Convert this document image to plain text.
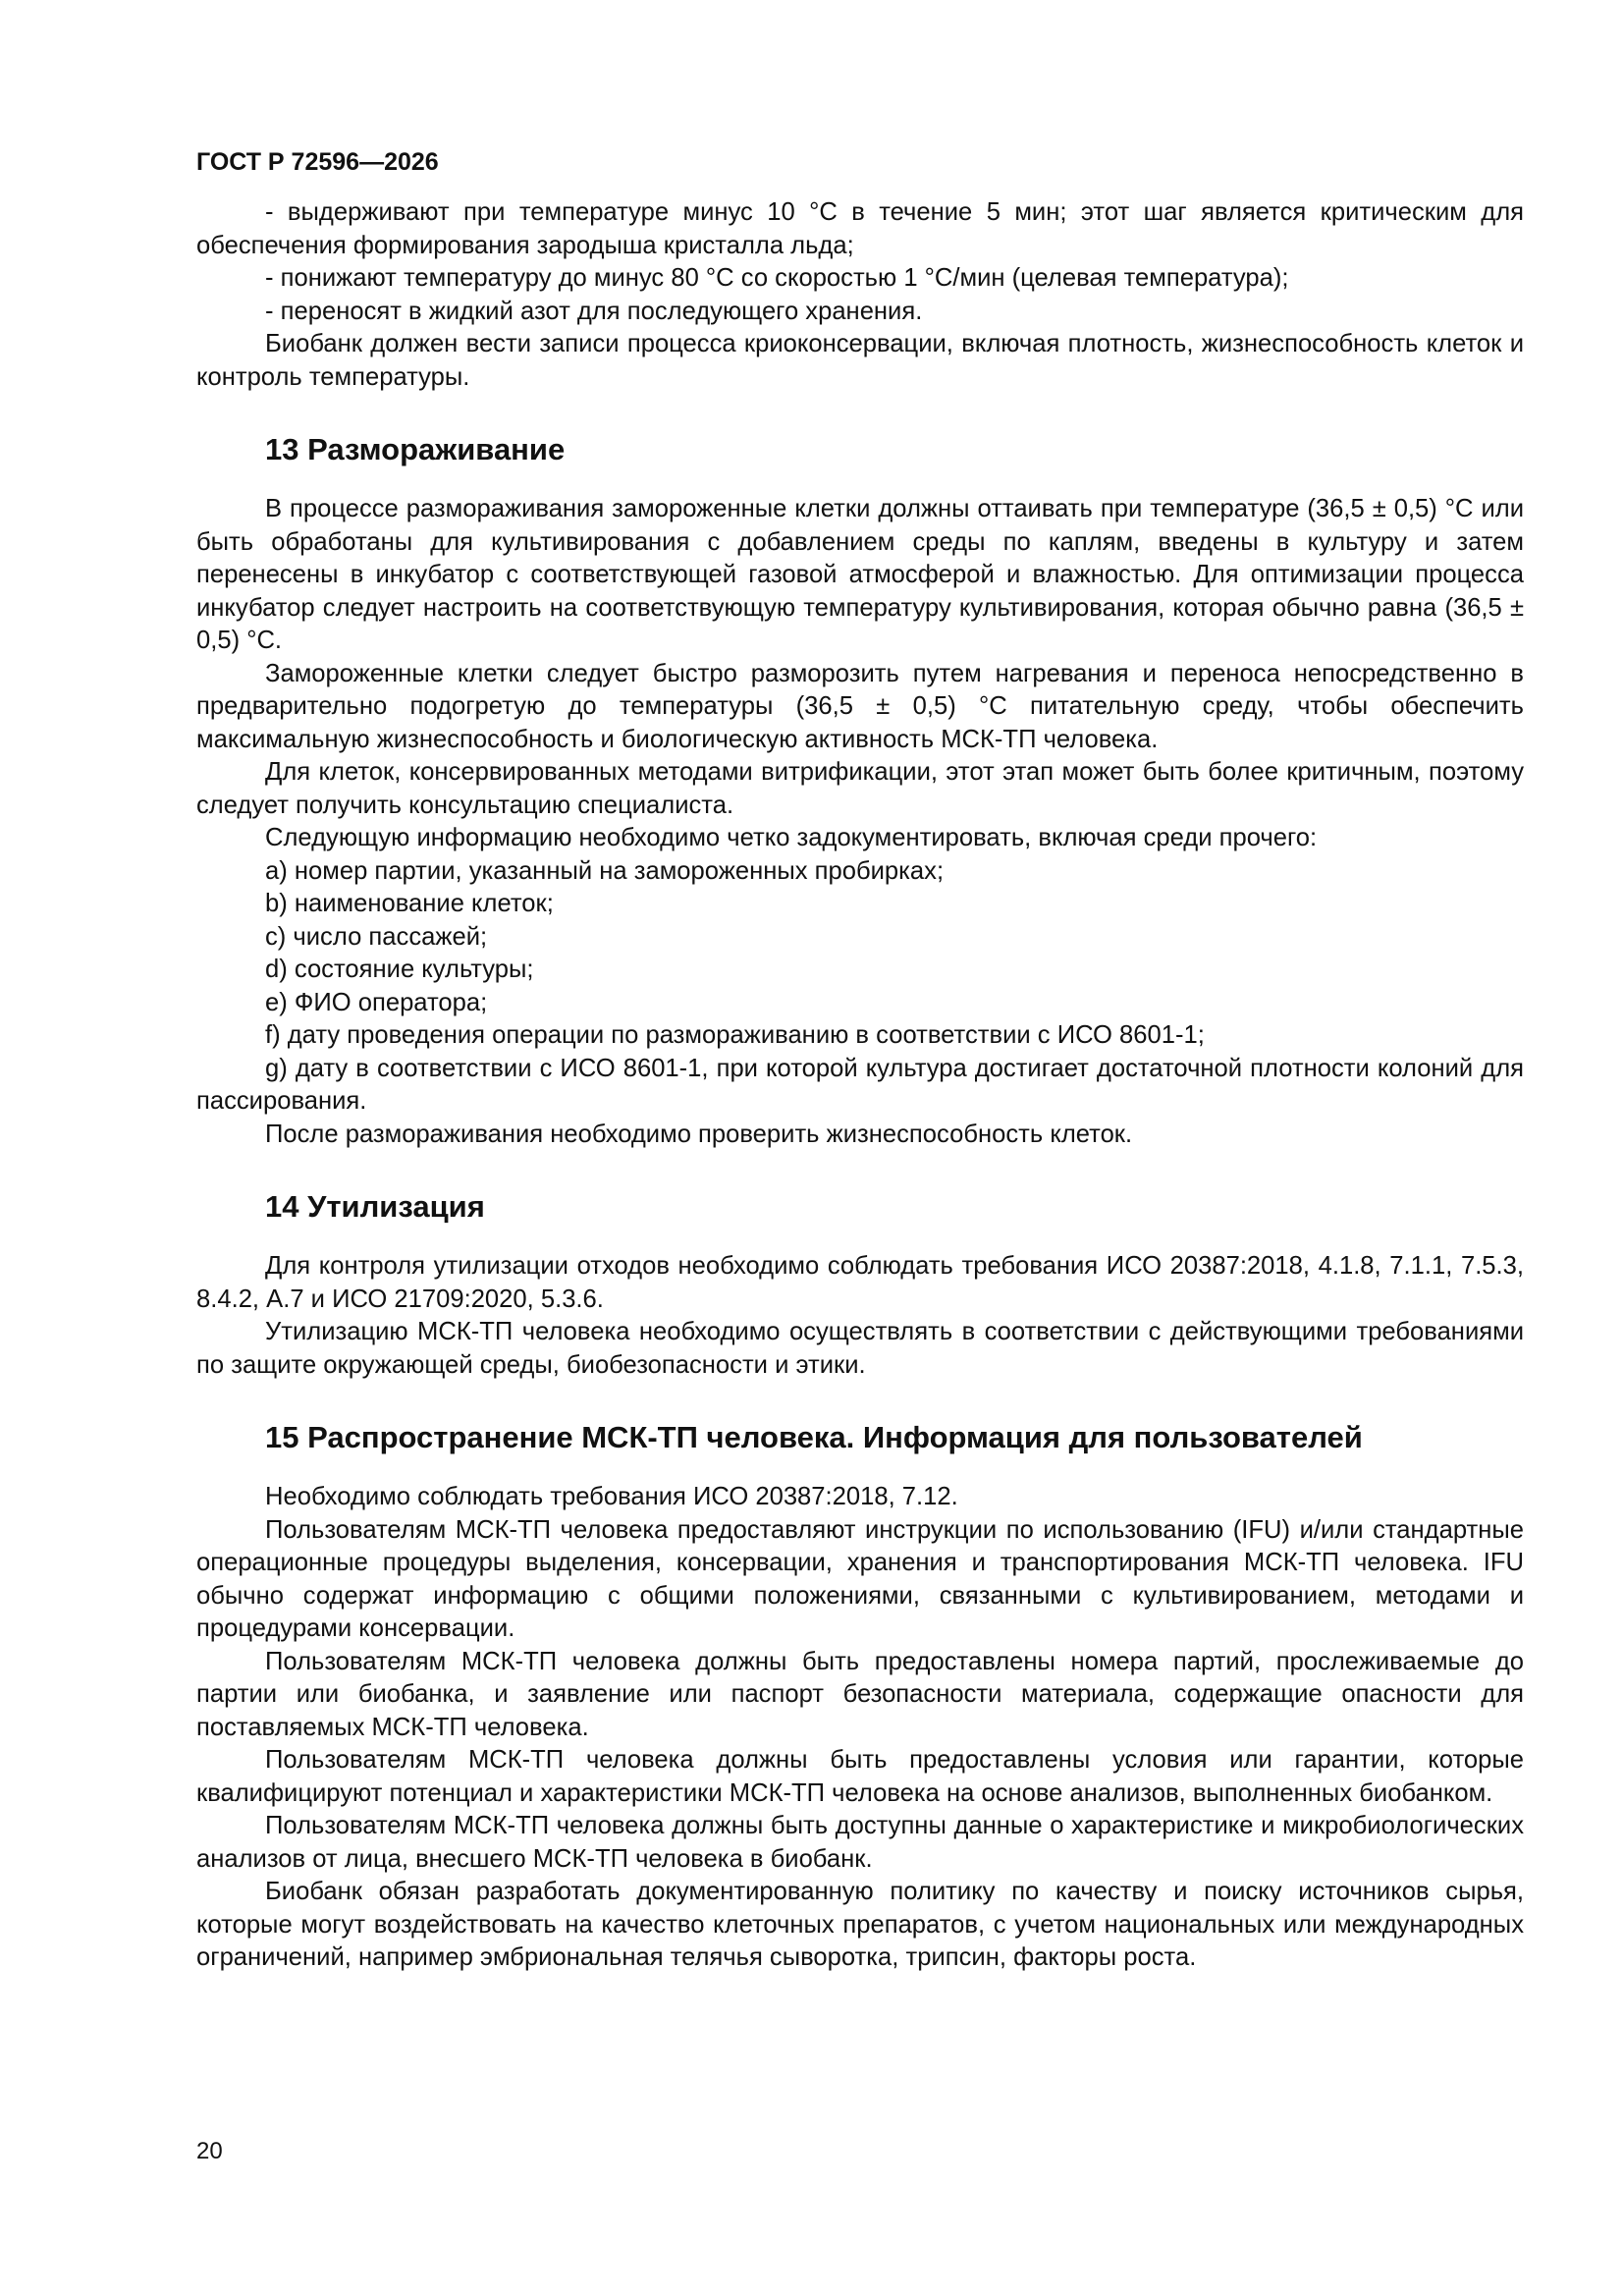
ГОСТ Р 72596—2026

- выдерживают при температуре минус 10 °С в течение 5 мин; этот шаг является критическим для обеспечения формирования зародыша кристалла льда;

- понижают температуру до минус 80 °С со скоростью 1 °С/мин (целевая температура);

- переносят в жидкий азот для последующего хранения.

Биобанк должен вести записи процесса криоконсервации, включая плотность, жизнеспособность клеток и контроль температуры.

13 Размораживание

В процессе размораживания замороженные клетки должны оттаивать при температуре (36,5 ± 0,5) °С или быть обработаны для культивирования с добавлением среды по каплям, введены в культуру и затем перенесены в инкубатор с соответствующей газовой атмосферой и влажностью. Для оптимизации процесса инкубатор следует настроить на соответствующую температуру культивирования, которая обычно равна (36,5 ± 0,5) °С.

Замороженные клетки следует быстро разморозить путем нагревания и переноса непосредственно в предварительно подогретую до температуры (36,5 ± 0,5) °С питательную среду, чтобы обеспечить максимальную жизнеспособность и биологическую активность МСК-ТП человека.

Для клеток, консервированных методами витрификации, этот этап может быть более критичным, поэтому следует получить консультацию специалиста.

Следующую информацию необходимо четко задокументировать, включая среди прочего:

a) номер партии, указанный на замороженных пробирках;

b) наименование клеток;

c) число пассажей;

d) состояние культуры;

e) ФИО оператора;

f) дату проведения операции по размораживанию в соответствии с ИСО 8601-1;

g) дату в соответствии с ИСО 8601-1, при которой культура достигает достаточной плотности колоний для пассирования.

После размораживания необходимо проверить жизнеспособность клеток.

14 Утилизация

Для контроля утилизации отходов необходимо соблюдать требования ИСО 20387:2018, 4.1.8, 7.1.1, 7.5.3, 8.4.2, А.7 и ИСО 21709:2020, 5.3.6.

Утилизацию МСК-ТП человека необходимо осуществлять в соответствии с действующими требованиями по защите окружающей среды, биобезопасности и этики.

15 Распространение МСК-ТП человека. Информация для пользователей

Необходимо соблюдать требования ИСО 20387:2018, 7.12.

Пользователям МСК-ТП человека предоставляют инструкции по использованию (IFU) и/или стандартные операционные процедуры выделения, консервации, хранения и транспортирования МСК-ТП человека. IFU обычно содержат информацию с общими положениями, связанными с культивированием, методами и процедурами консервации.

Пользователям МСК-ТП человека должны быть предоставлены номера партий, прослеживаемые до партии или биобанка, и заявление или паспорт безопасности материала, содержащие опасности для поставляемых МСК-ТП человека.

Пользователям МСК-ТП человека должны быть предоставлены условия или гарантии, которые квалифицируют потенциал и характеристики МСК-ТП человека на основе анализов, выполненных биобанком.

Пользователям МСК-ТП человека должны быть доступны данные о характеристике и микробиологических анализов от лица, внесшего МСК-ТП человека в биобанк.

Биобанк обязан разработать документированную политику по качеству и поиску источников сырья, которые могут воздействовать на качество клеточных препаратов, с учетом национальных или международных ограничений, например эмбриональная телячья сыворотка, трипсин, факторы роста.

20
